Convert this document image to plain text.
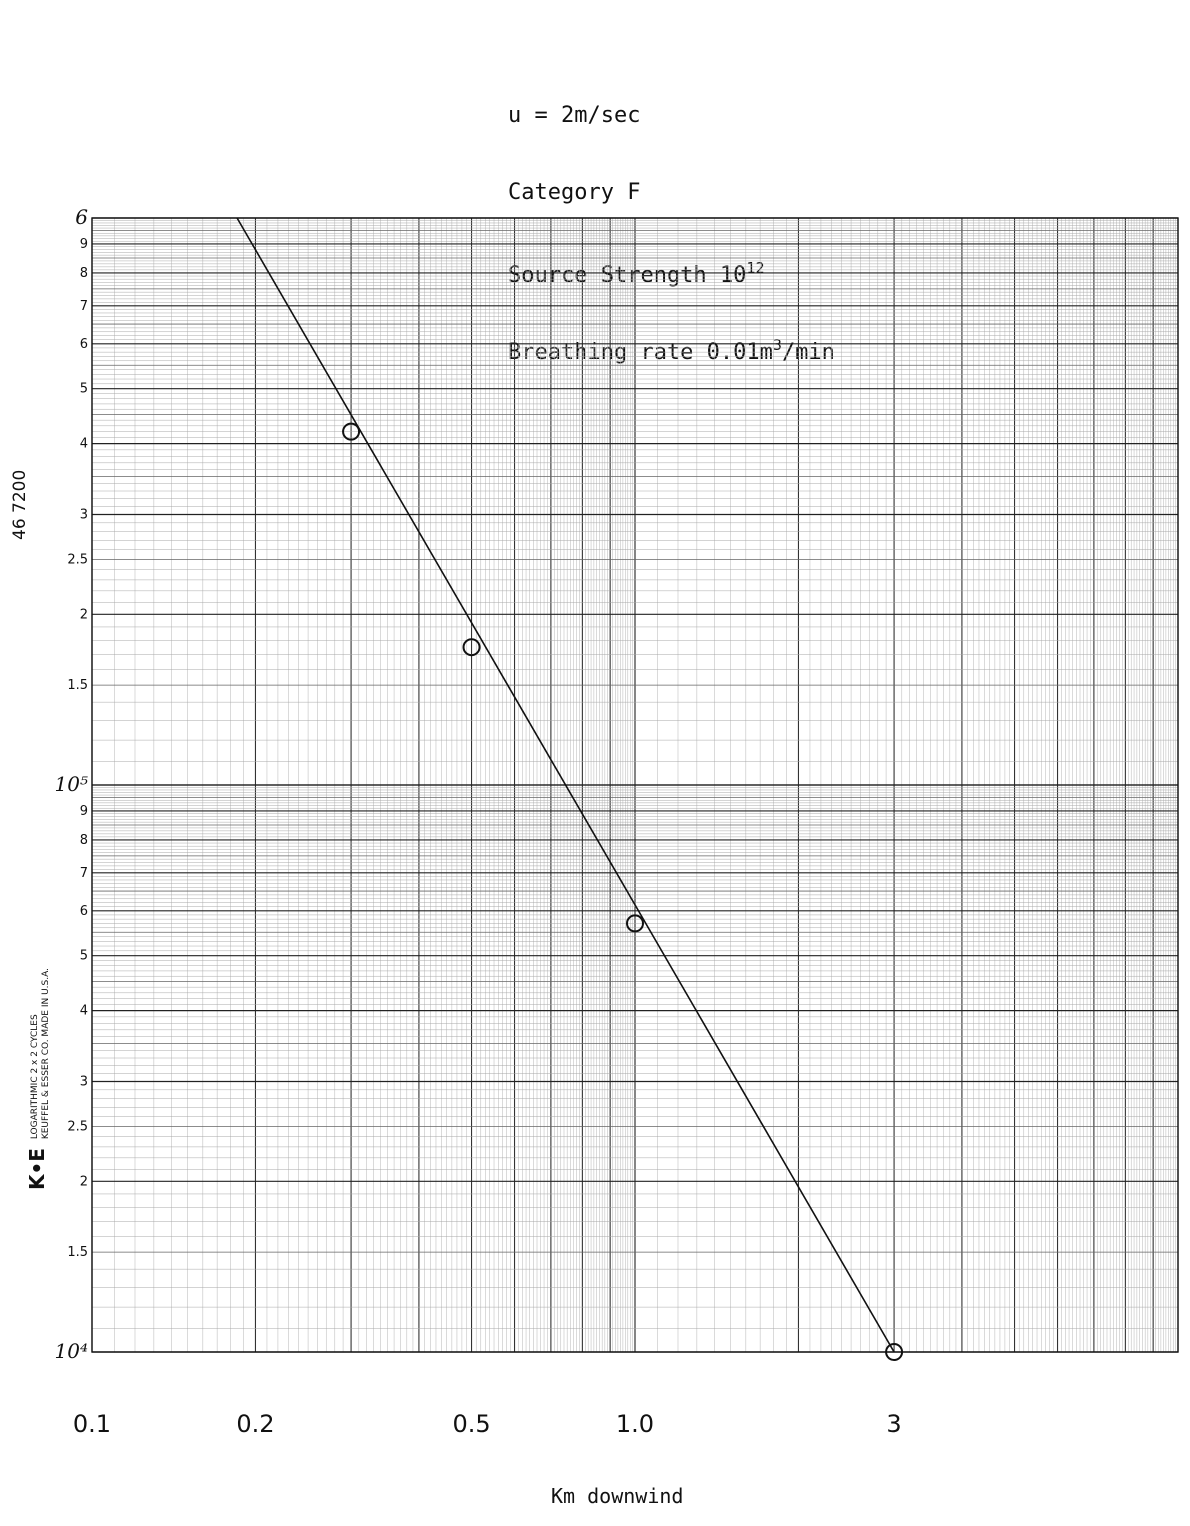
u = 2m/sec

Category F

Source Strength $10^{12}$

Breathing rate $0.01m^3/\min$

9
8
7
6
5
4
3
2.5
2
1.5
9
8
7
6
5
4
3
2.5
2
1.5
6
10⁵
10⁴
0.1	0.2	0.5	1.0	3
46 7200
K•E LOGARITHMIC 2 x 2 CYCLES
KEUFFEL & ESSER CO. MADE IN U.S.A.
Km downwind
